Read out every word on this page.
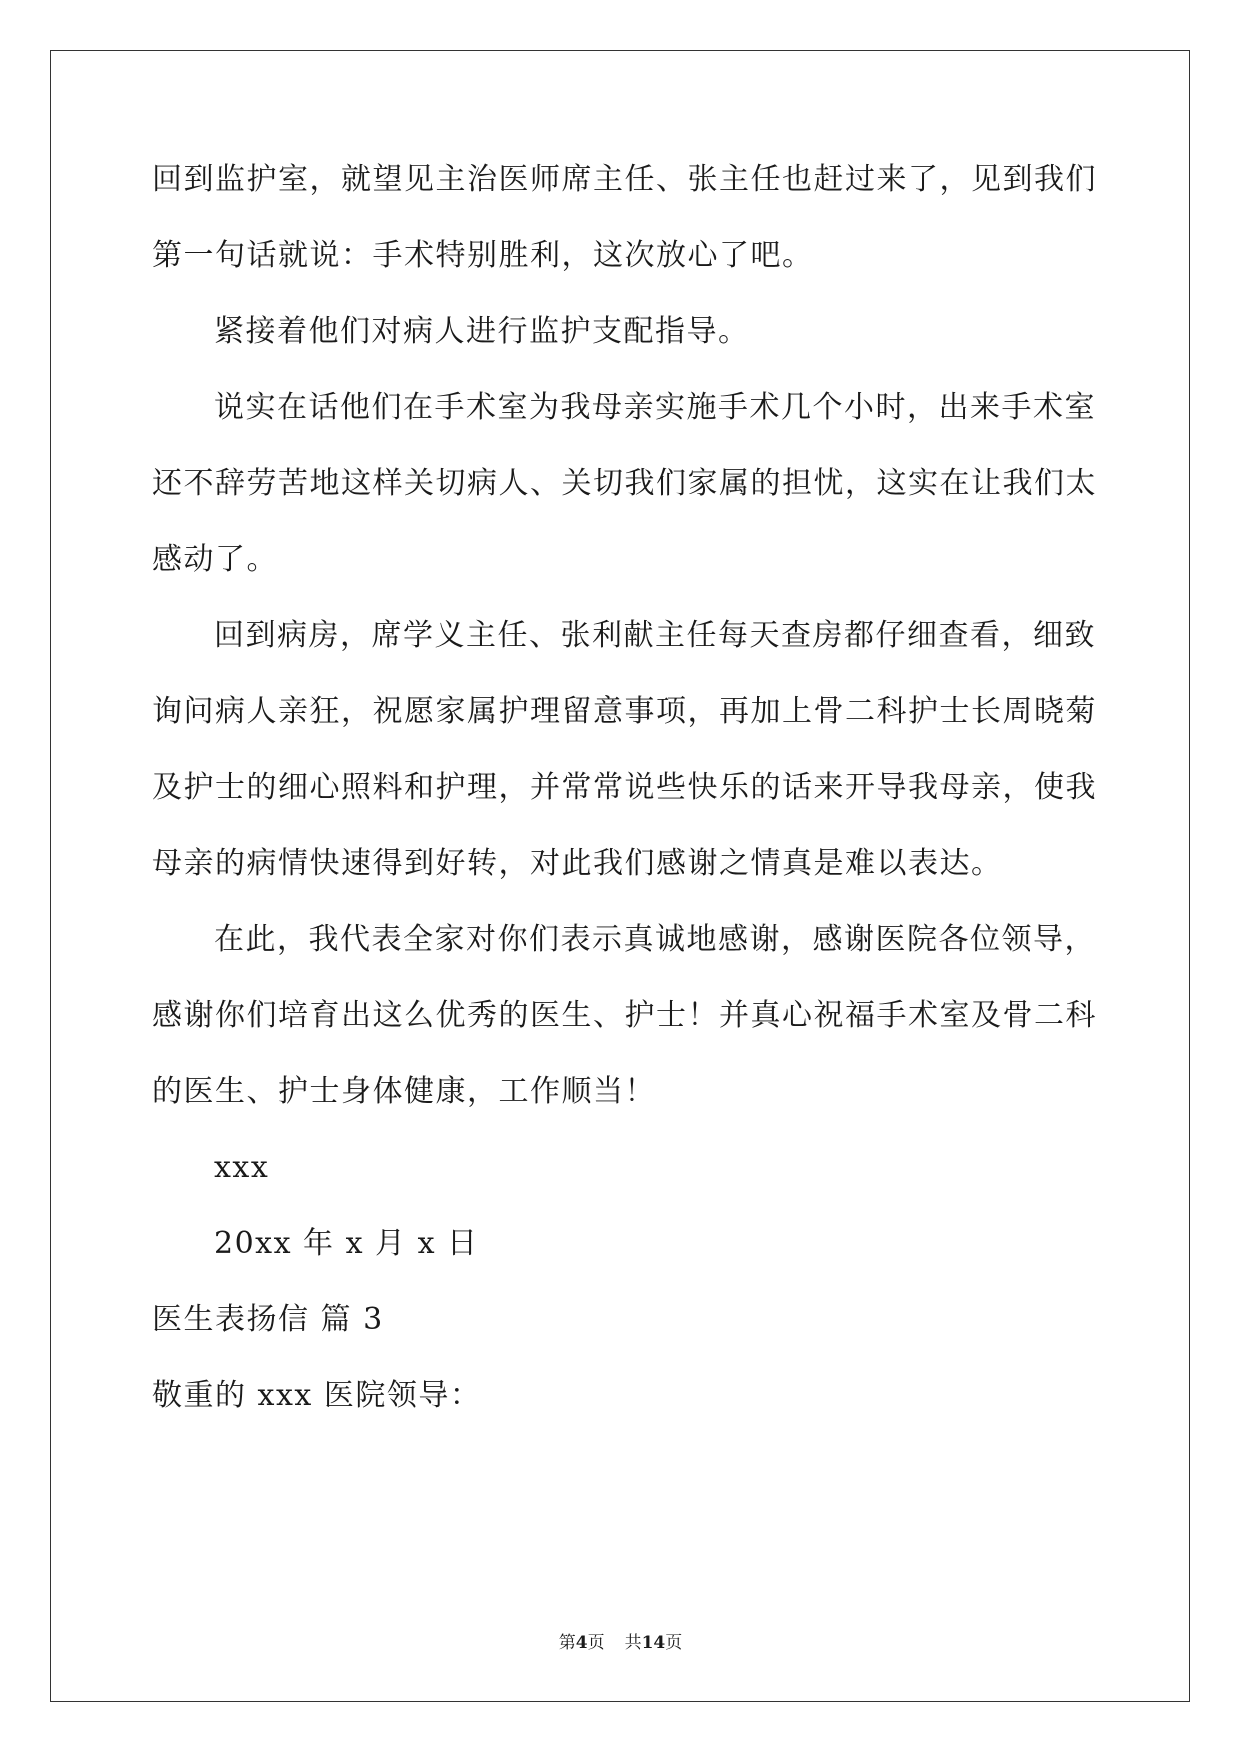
回到监护室，就望见主治医师席主任、张主任也赶过来了，见到我们
第一句话就说：手术特别胜利，这次放心了吧。
紧接着他们对病人进行监护支配指导。
说实在话他们在手术室为我母亲实施手术几个小时，出来手术室
还不辞劳苦地这样关切病人、关切我们家属的担忧，这实在让我们太
感动了。
回到病房，席学义主任、张利献主任每天查房都仔细查看，细致
询问病人亲狂，祝愿家属护理留意事项，再加上骨二科护士长周晓菊
及护士的细心照料和护理，并常常说些快乐的话来开导我母亲，使我
母亲的病情快速得到好转，对此我们感谢之情真是难以表达。
在此，我代表全家对你们表示真诚地感谢，感谢医院各位领导，
感谢你们培育出这么优秀的医生、护士！并真心祝福手术室及骨二科
的医生、护士身体健康，工作顺当！
xxx
20xx 年 x 月 x 日
医生表扬信 篇 3
敬重的 xxx 医院领导：
第4页 共14页
